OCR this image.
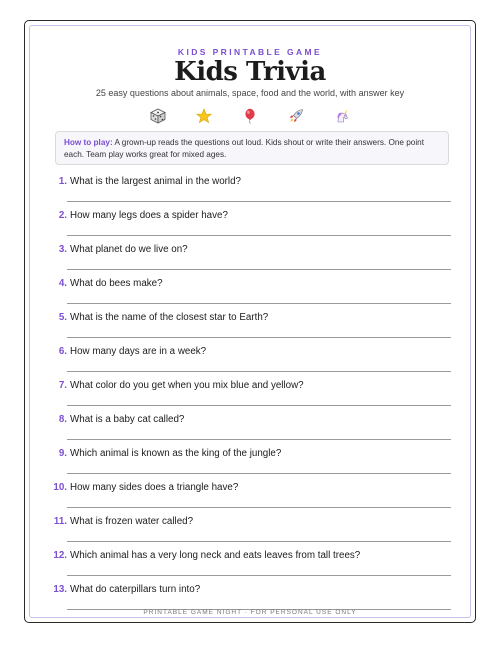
KIDS PRINTABLE GAME
Kids Trivia
25 easy questions about animals, space, food and the world, with answer key
How to play: A grown-up reads the questions out loud. Kids shout or write their answers. One point each. Team play works great for mixed ages.
1. What is the largest animal in the world?
2. How many legs does a spider have?
3. What planet do we live on?
4. What do bees make?
5. What is the name of the closest star to Earth?
6. How many days are in a week?
7. What color do you get when you mix blue and yellow?
8. What is a baby cat called?
9. Which animal is known as the king of the jungle?
10. How many sides does a triangle have?
11. What is frozen water called?
12. Which animal has a very long neck and eats leaves from tall trees?
13. What do caterpillars turn into?
PRINTABLE GAME NIGHT · FOR PERSONAL USE ONLY
